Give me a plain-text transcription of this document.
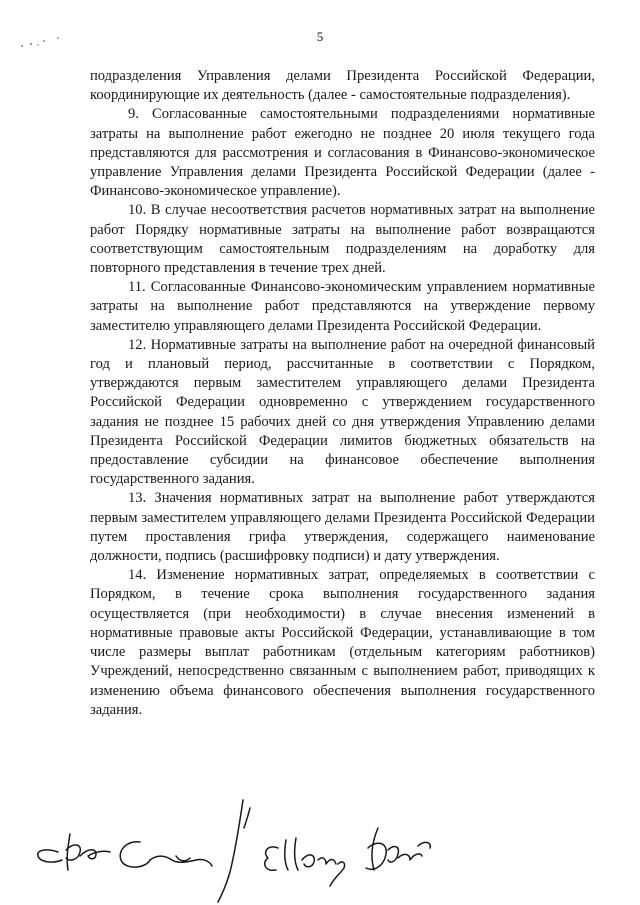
5

подразделения Управления делами Президента Российской Федерации, координирующие их деятельность (далее - самостоятельные подразделения).

9. Согласованные самостоятельными подразделениями нормативные затраты на выполнение работ ежегодно не позднее 20 июля текущего года представляются для рассмотрения и согласования в Финансово-экономическое управление Управления делами Президента Российской Федерации (далее - Финансово-экономическое управление).

10. В случае несоответствия расчетов нормативных затрат на выполнение работ Порядку нормативные затраты на выполнение работ возвращаются соответствующим самостоятельным подразделениям на доработку для повторного представления в течение трех дней.

11. Согласованные Финансово-экономическим управлением нормативные затраты на выполнение работ представляются на утверждение первому заместителю управляющего делами Президента Российской Федерации.

12. Нормативные затраты на выполнение работ на очередной финансовый год и плановый период, рассчитанные в соответствии с Порядком, утверждаются первым заместителем управляющего делами Президента Российской Федерации одновременно с утверждением государственного задания не позднее 15 рабочих дней со дня утверждения Управлению делами Президента Российской Федерации лимитов бюджетных обязательств на предоставление субсидии на финансовое обеспечение выполнения государственного задания.

13. Значения нормативных затрат на выполнение работ утверждаются первым заместителем управляющего делами Президента Российской Федерации путем проставления грифа утверждения, содержащего наименование должности, подпись (расшифровку подписи) и дату утверждения.

14. Изменение нормативных затрат, определяемых в соответствии с Порядком, в течение срока выполнения государственного задания осуществляется (при необходимости) в случае внесения изменений в нормативные правовые акты Российской Федерации, устанавливающие в том числе размеры выплат работникам (отдельным категориям работников) Учреждений, непосредственно связанным с выполнением работ, приводящих к изменению объема финансового обеспечения выполнения государственного задания.
